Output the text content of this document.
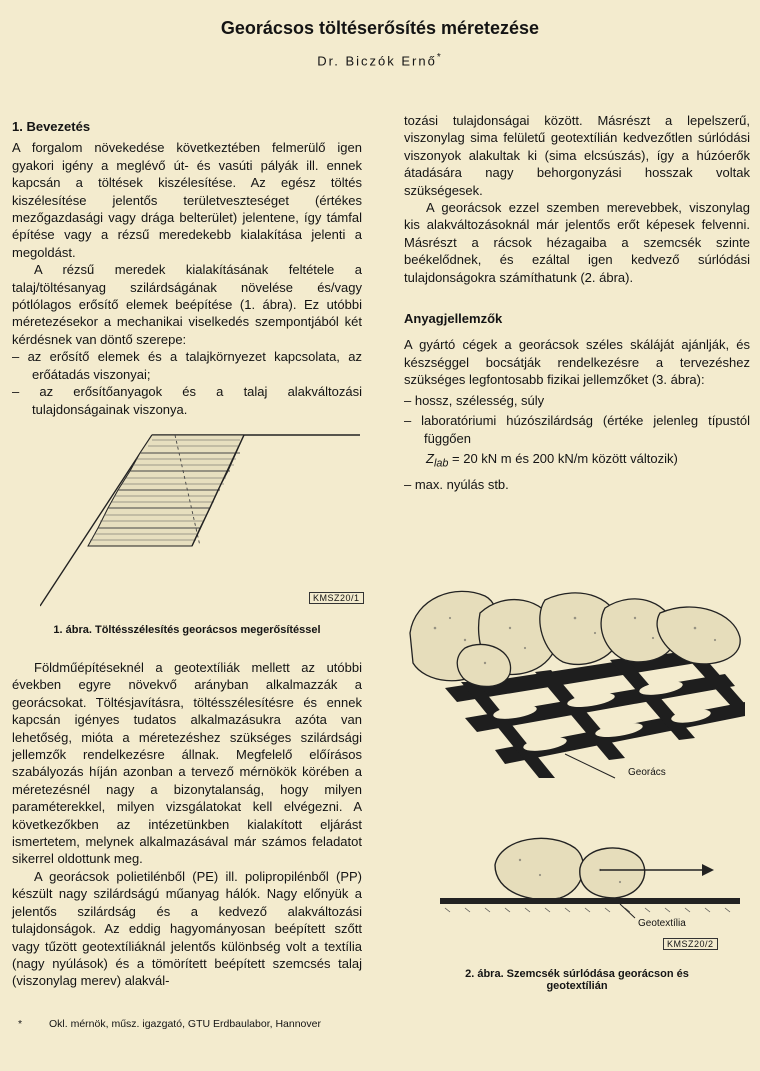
Georácsos töltéserősítés méretezése
Dr. Biczók Ernő*

1. Bevezetés

A forgalom növekedése következtében felmerülő igen gyakori igény a meglévő út- és vasúti pályák ill. ennek kapcsán a töltések kiszélesítése. Az egész töltés kiszélesítése jelentős területveszteséget (értékes mezőgazdasági vagy drága belterület) jelentene, így támfal építése vagy a rézsű meredekebb kialakítása jelenti a megoldást.

A rézsű meredek kialakításának feltétele a talaj/töltésanyag szilárdságának növelése és/vagy pótlólagos erősítő elemek beépítése (1. ábra). Ez utóbbi méretezésekor a mechanikai viselkedés szempontjából két kérdésnek van döntő szerepe:

– az erősítő elemek és a talajkörnyezet kapcsolata, az erőátadás viszonyai;

– az erősítőanyagok és a talaj alakváltozási tulajdonságainak viszonya.

KMSZ20/1
1. ábra. Töltésszélesítés georácsos megerősítéssel

Földműépítéseknél a geotextíliák mellett az utóbbi években egyre növekvő arányban alkalmazzák a georácsokat. Töltésjavításra, töltésszélesítésre és ennek kapcsán igényes tudatos alkalmazásukra azóta van lehetőség, mióta a méretezéshez szükséges szilárdsági jellemzők rendelkezésre állnak. Megfelelő előírásos szabályozás híján azonban a tervező mérnökök körében a méretezésnél nagy a bizonytalanság, hogy milyen paraméterekkel, milyen vizsgálatokat kell elvégezni. A következőkben az intézetünkben kialakított eljárást ismertetem, melynek alkalmazásával már számos feladatot sikerrel oldottunk meg.

A georácsok polietilénből (PE) ill. polipropilénből (PP) készült nagy szilárdságú műanyag hálók. Nagy előnyük a jelentős szilárdság és a kedvező alakváltozási tulajdonságok. Az eddig hagyományosan beépített szőtt vagy tűzött geotextíliáknál jelentős különbség volt a textília (nagy nyúlások) és a tömörített beépített szemcsés talaj (viszonylag merev) alakvál-

*	Okl. mérnök, műsz. igazgató, GTU Erdbaulabor, Hannover

tozási tulajdonságai között. Másrészt a lepelszerű, viszonylag sima felületű geotextílián kedvezőtlen súrlódási viszonyok alakultak ki (sima elcsúszás), így a húzóerők átadására nagy behorgonyzási hosszak voltak szükségesek.

A georácsok ezzel szemben merevebbek, viszonylag kis alakváltozásoknál már jelentős erőt képesek felvenni. Másrészt a rácsok hézagaiba a szemcsék szinte beékelődnek, és ezáltal igen kedvező súrlódási tulajdonságokra számíthatunk (2. ábra).

Anyagjellemzők

A gyártó cégek a georácsok széles skáláját ajánlják, és készséggel bocsátják rendelkezésre a tervezéshez szükséges legfontosabb fizikai jellemzőket (3. ábra):

– hossz, szélesség, súly

– laboratóriumi húzószilárdság (értéke jelenleg típustól függően

$Z_{lab} = 20$ kN m és 200 kN/m között változik)

– max. nyúlás stb.

Georács
Geotextília
KMSZ20/2
2. ábra. Szemcsék súrlódása georácson és
geotextílián
